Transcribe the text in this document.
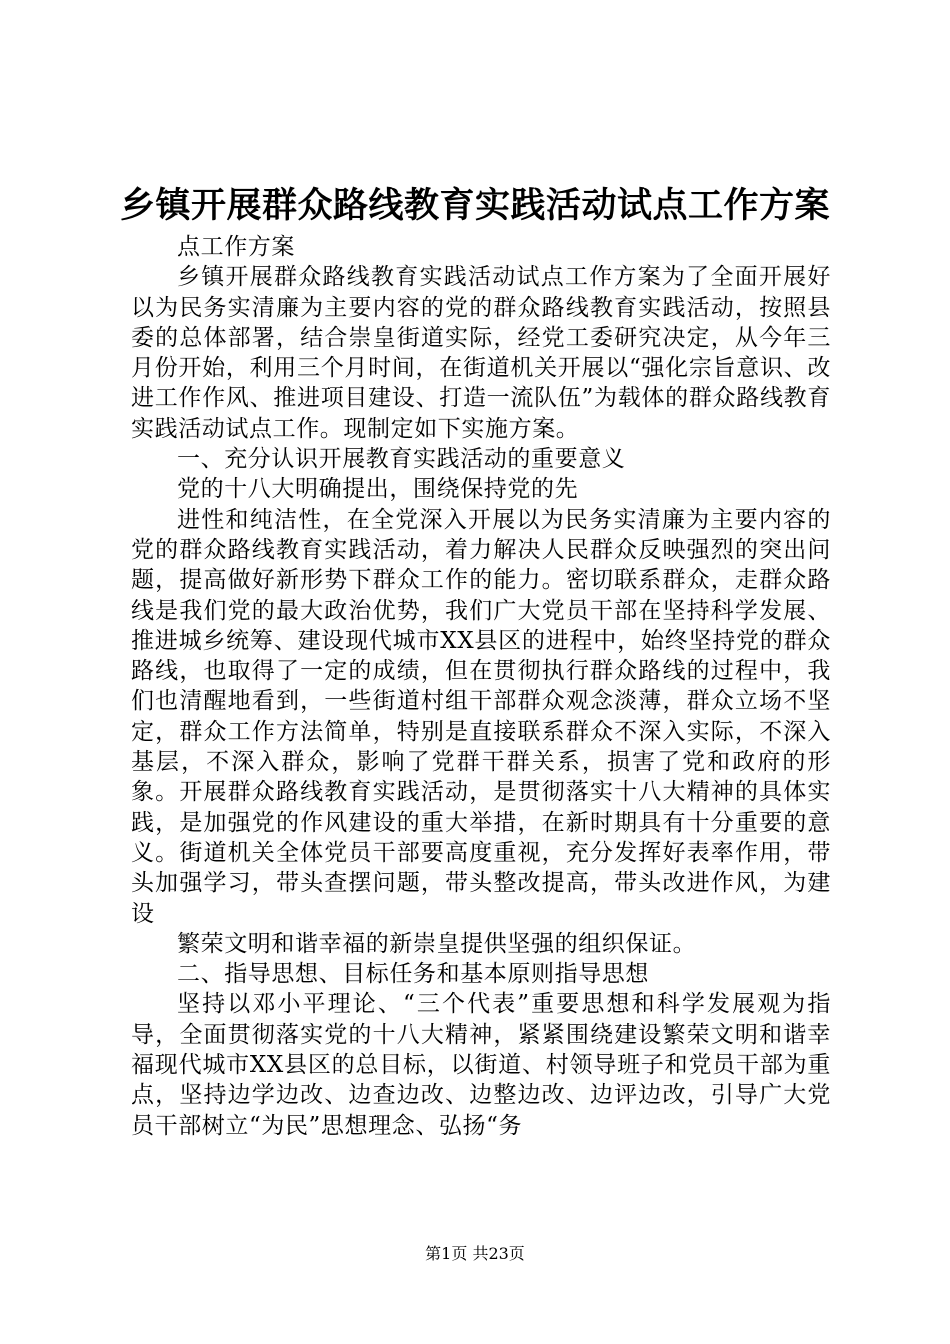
乡镇开展群众路线教育实践活动试点工作方案

点工作方案

乡镇开展群众路线教育实践活动试点工作方案为了全面开展好以为民务实清廉为主要内容的党的群众路线教育实践活动，按照县委的总体部署，结合崇皇街道实际，经党工委研究决定，从今年三月份开始，利用三个月时间，在街道机关开展以“强化宗旨意识、改进工作作风、推进项目建设、打造一流队伍”为载体的群众路线教育实践活动试点工作。现制定如下实施方案。

一、充分认识开展教育实践活动的重要意义

党的十八大明确提出，围绕保持党的先

进性和纯洁性，在全党深入开展以为民务实清廉为主要内容的党的群众路线教育实践活动，着力解决人民群众反映强烈的突出问题，提高做好新形势下群众工作的能力。密切联系群众，走群众路线是我们党的最大政治优势，我们广大党员干部在坚持科学发展、推进城乡统筹、建设现代城市XX县区的进程中，始终坚持党的群众路线，也取得了一定的成绩，但在贯彻执行群众路线的过程中，我们也清醒地看到，一些街道村组干部群众观念淡薄，群众立场不坚定，群众工作方法简单，特别是直接联系群众不深入实际，不深入基层，不深入群众，影响了党群干群关系，损害了党和政府的形象。开展群众路线教育实践活动，是贯彻落实十八大精神的具体实践，是加强党的作风建设的重大举措，在新时期具有十分重要的意义。街道机关全体党员干部要高度重视，充分发挥好表率作用，带头加强学习，带头查摆问题，带头整改提高，带头改进作风，为建设

繁荣文明和谐幸福的新崇皇提供坚强的组织保证。

二、指导思想、目标任务和基本原则指导思想

坚持以邓小平理论、“三个代表”重要思想和科学发展观为指导，全面贯彻落实党的十八大精神，紧紧围绕建设繁荣文明和谐幸福现代城市XX县区的总目标，以街道、村领导班子和党员干部为重点，坚持边学边改、边查边改、边整边改、边评边改，引导广大党员干部树立“为民”思想理念、弘扬“务

第1页 共23页
